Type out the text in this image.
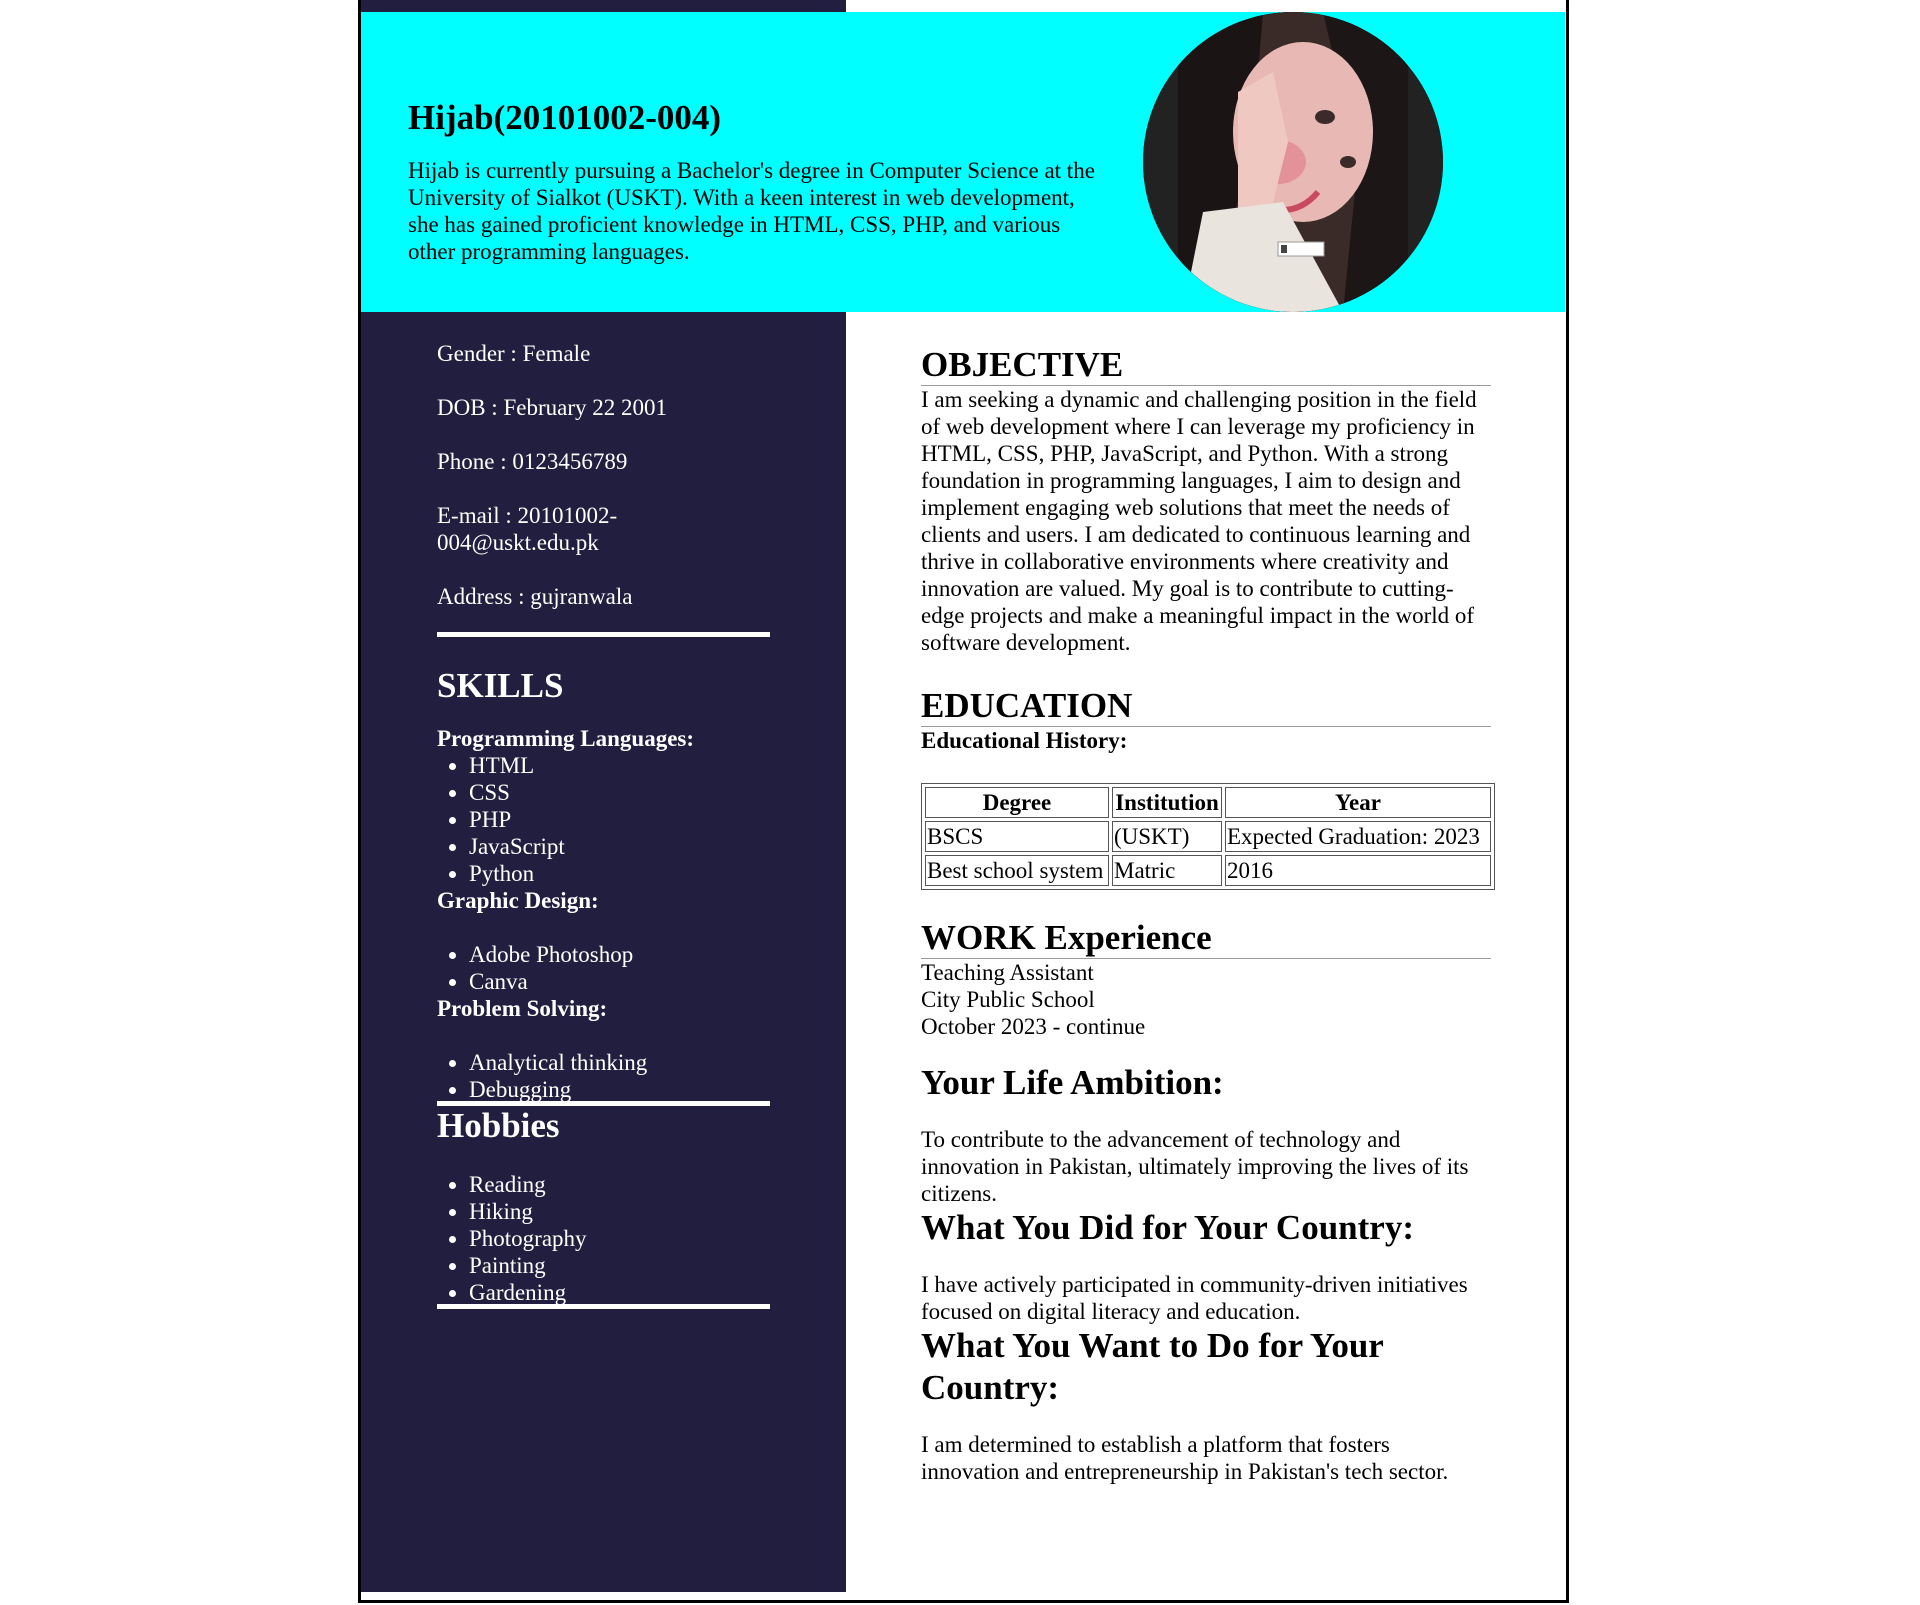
Hijab(20101002-004)

Hijab is currently pursuing a Bachelor's degree in Computer Science at the University of Sialkot (USKT). With a keen interest in web development, she has gained proficient knowledge in HTML, CSS, PHP, and various other programming languages.

Gender : Female

DOB : February 22 2001

Phone : 0123456789

E-mail : 20101002-004@uskt.edu.pk

Address : gujranwala

SKILLS
Programming Languages:
• HTML
• CSS
• PHP
• JavaScript
• Python
Graphic Design:
• Adobe Photoshop
• Canva
Problem Solving:
• Analytical thinking
• Debugging
Hobbies
• Reading
• Hiking
• Photography
• Painting
• Gardening
OBJECTIVE

I am seeking a dynamic and challenging position in the field of web development where I can leverage my proficiency in HTML, CSS, PHP, JavaScript, and Python. With a strong foundation in programming languages, I aim to design and implement engaging web solutions that meet the needs of clients and users. I am dedicated to continuous learning and thrive in collaborative environments where creativity and innovation are valued. My goal is to contribute to cutting-edge projects and make a meaningful impact in the world of software development.

EDUCATION
Educational History:
Degree	Institution	Year
BSCS	(USKT)	Expected Graduation: 2023
Best school system	Matric	2016
WORK Experience

Teaching Assistant

City Public School

October 2023 - continue

Your Life Ambition:

To contribute to the advancement of technology and innovation in Pakistan, ultimately improving the lives of its citizens.

What You Did for Your Country:

I have actively participated in community-driven initiatives focused on digital literacy and education.

What You Want to Do for Your Country:

I am determined to establish a platform that fosters innovation and entrepreneurship in Pakistan's tech sector.
